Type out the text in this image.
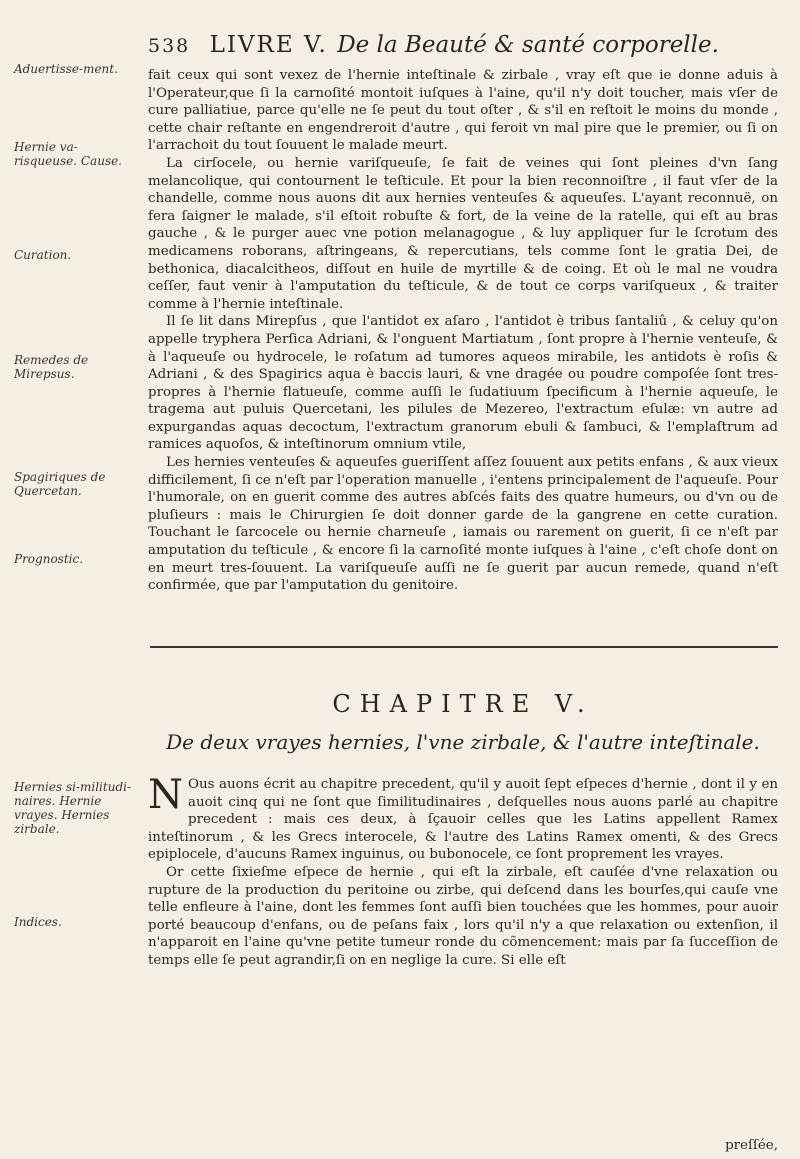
538 LIVRE V. De la Beauté & santé corporelle.
Aduertisse-ment.
Hernie va-risqueuse. Cause.
Curation.
Remedes de Mirepsus.
Spagiriques de Quercetan.
Prognostic.
Hernies si-militudi-naires. Hernie vrayes. Hernies zirbale.
Indices.

fait ceux qui sont vexez de l'hernie inteſtinale & zirbale , vray eſt que ie donne aduis à l'Operateur,que ſi la carnoſité montoit iuſques à l'aine, qu'il n'y doit toucher, mais vſer de cure palliatiue, parce qu'elle ne ſe peut du tout oſter , & s'il en reſtoit le moins du monde , cette chair reſtante en engendreroit d'autre , qui feroit vn mal pire que le premier, ou ſi on l'arrachoit du tout ſouuent le malade meurt.

La cirſocele, ou hernie variſqueuſe, ſe fait de veines qui ſont pleines d'vn ſang melancolique, qui contournent le teſticule. Et pour la bien reconnoiſtre , il faut vſer de la chandelle, comme nous auons dit aux hernies venteuſes & aqueuſes. L'ayant reconnuë, on fera ſaigner le malade, s'il eſtoit robuſte & fort, de la veine de la ratelle, qui eſt au bras gauche , & le purger auec vne potion melanagogue , & luy appliquer ſur le ſcrotum des medicamens roborans, aſtringeans, & repercutians, tels comme ſont le gratia Dei, de bethonica, diacalcitheos, diſſout en huile de myrtille & de coing. Et où le mal ne voudra ceſſer, faut venir à l'amputation du teſticule, & de tout ce corps variſqueux , & traiter comme à l'hernie inteſtinale.

Il ſe lit dans Mirepſus , que l'antidot ex aſaro , l'antidot è tribus ſantaliû , & celuy qu'on appelle tryphera Perſica Adriani, & l'onguent Martiatum , ſont propre à l'hernie venteuſe, & à l'aqueuſe ou hydrocele, le roſatum ad tumores aqueos mirabile, les antidots è roſis & Adriani , & des Spagirics aqua è baccis lauri, & vne dragée ou poudre compoſée ſont tres-propres à l'hernie flatueuſe, comme auſſi le ſudatiuum ſpecificum à l'hernie aqueuſe, le tragema aut puluis Quercetani, les pilules de Mezereo, l'extractum eſulæ: vn autre ad expurgandas aquas decoctum, l'extractum granorum ebuli & ſambuci, & l'emplaſtrum ad ramices aquoſos, & inteſtinorum omnium vtile,

Les hernies venteuſes & aqueuſes gueriſſent aſſez ſouuent aux petits enfans , & aux vieux difficilement, ſi ce n'eſt par l'operation manuelle , i'entens principalement de l'aqueuſe. Pour l'humorale, on en guerit comme des autres abſcés faits des quatre humeurs, ou d'vn ou de pluſieurs : mais le Chirurgien ſe doit donner garde de la gangrene en cette curation. Touchant le ſarcocele ou hernie charneuſe , iamais ou rarement on guerit, ſi ce n'eſt par amputation du teſticule , & encore ſi la carnoſité monte iuſques à l'aine , c'eſt choſe dont on en meurt tres-ſouuent. La variſqueuſe auſſi ne ſe guerit par aucun remede, quand n'eſt confirmée, que par l'amputation du genitoire.

CHAPITRE V.
De deux vrayes hernies, l'vne zirbale, & l'autre inteſtinale.

N Ous auons écrit au chapitre precedent, qu'il y auoit ſept eſpeces d'hernie , dont il y en auoit cinq qui ne ſont que ſimilitudinaires , deſquelles nous auons parlé au chapitre precedent : mais ces deux, à ſçauoir celles que les Latins appellent Ramex inteſtinorum , & les Grecs interocele, & l'autre des Latins Ramex omenti, & des Grecs epiplocele, d'aucuns Ramex inguinus, ou bubonocele, ce ſont proprement les vrayes.

Or cette ſixieſme eſpece de hernie , qui eſt la zirbale, eſt cauſée d'vne relaxation ou rupture de la production du peritoine ou zirbe, qui deſcend dans les bourſes,qui cauſe vne telle enfleure à l'aine, dont les femmes ſont auſſi bien touchées que les hommes, pour auoir porté beaucoup d'enfans, ou de peſans faix , lors qu'il n'y a que relaxation ou extenſion, il n'apparoit en l'aine qu'vne petite tumeur ronde du cõmencement: mais par ſa ſucceſſion de temps elle ſe peut agrandir,ſi on en neglige la cure. Si elle eſt

preſſée,
